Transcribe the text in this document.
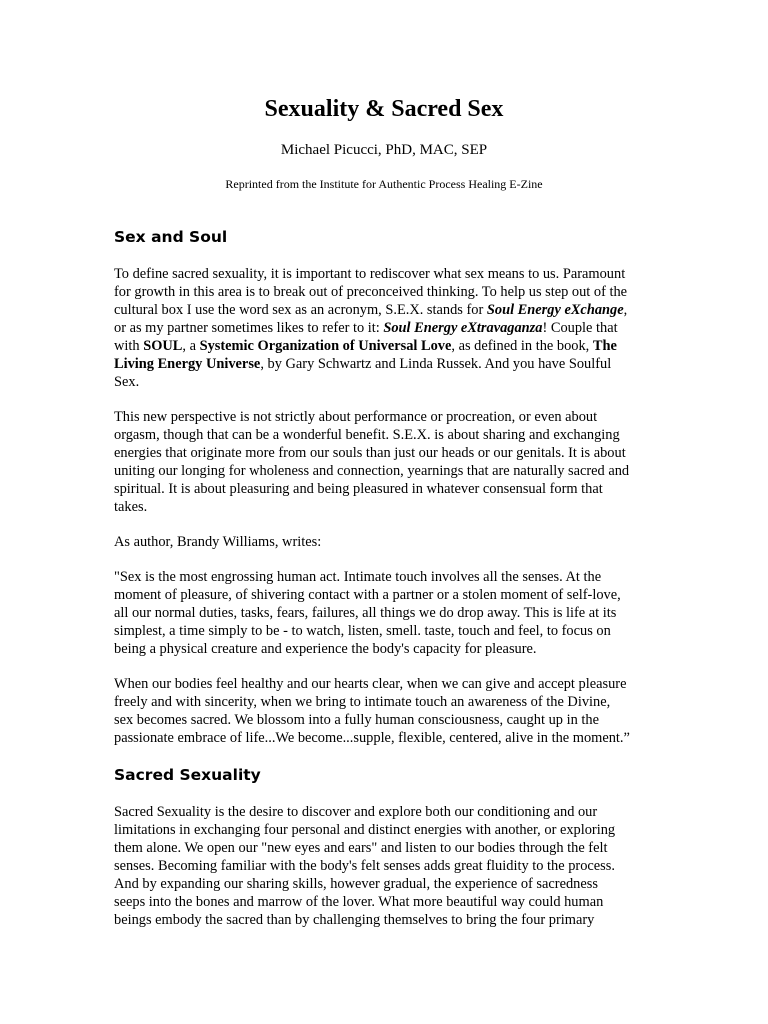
Sexuality & Sacred Sex
Michael Picucci, PhD, MAC, SEP
Reprinted from the Institute for Authentic Process Healing E-Zine
Sex and Soul
To define sacred sexuality, it is important to rediscover what sex means to us. Paramount
for growth in this area is to break out of preconceived thinking. To help us step out of the
cultural box I use the word sex as an acronym, S.E.X. stands for Soul Energy eXchange,
or as my partner sometimes likes to refer to it: Soul Energy eXtravaganza! Couple that
with SOUL, a Systemic Organization of Universal Love, as defined in the book, The
Living Energy Universe, by Gary Schwartz and Linda Russek. And you have Soulful
Sex.
This new perspective is not strictly about performance or procreation, or even about
orgasm, though that can be a wonderful benefit. S.E.X. is about sharing and exchanging
energies that originate more from our souls than just our heads or our genitals. It is about
uniting our longing for wholeness and connection, yearnings that are naturally sacred and
spiritual. It is about pleasuring and being pleasured in whatever consensual form that
takes.
As author, Brandy Williams, writes:
"Sex is the most engrossing human act. Intimate touch involves all the senses. At the
moment of pleasure, of shivering contact with a partner or a stolen moment of self-love,
all our normal duties, tasks, fears, failures, all things we do drop away. This is life at its
simplest, a time simply to be - to watch, listen, smell. taste, touch and feel, to focus on
being a physical creature and experience the body's capacity for pleasure.
When our bodies feel healthy and our hearts clear, when we can give and accept pleasure
freely and with sincerity, when we bring to intimate touch an awareness of the Divine,
sex becomes sacred. We blossom into a fully human consciousness, caught up in the
passionate embrace of life...We become...supple, flexible, centered, alive in the moment.”
Sacred Sexuality
Sacred Sexuality is the desire to discover and explore both our conditioning and our
limitations in exchanging four personal and distinct energies with another, or exploring
them alone. We open our "new eyes and ears" and listen to our bodies through the felt
senses. Becoming familiar with the body's felt senses adds great fluidity to the process.
And by expanding our sharing skills, however gradual, the experience of sacredness
seeps into the bones and marrow of the lover. What more beautiful way could human
beings embody the sacred than by challenging themselves to bring the four primary
